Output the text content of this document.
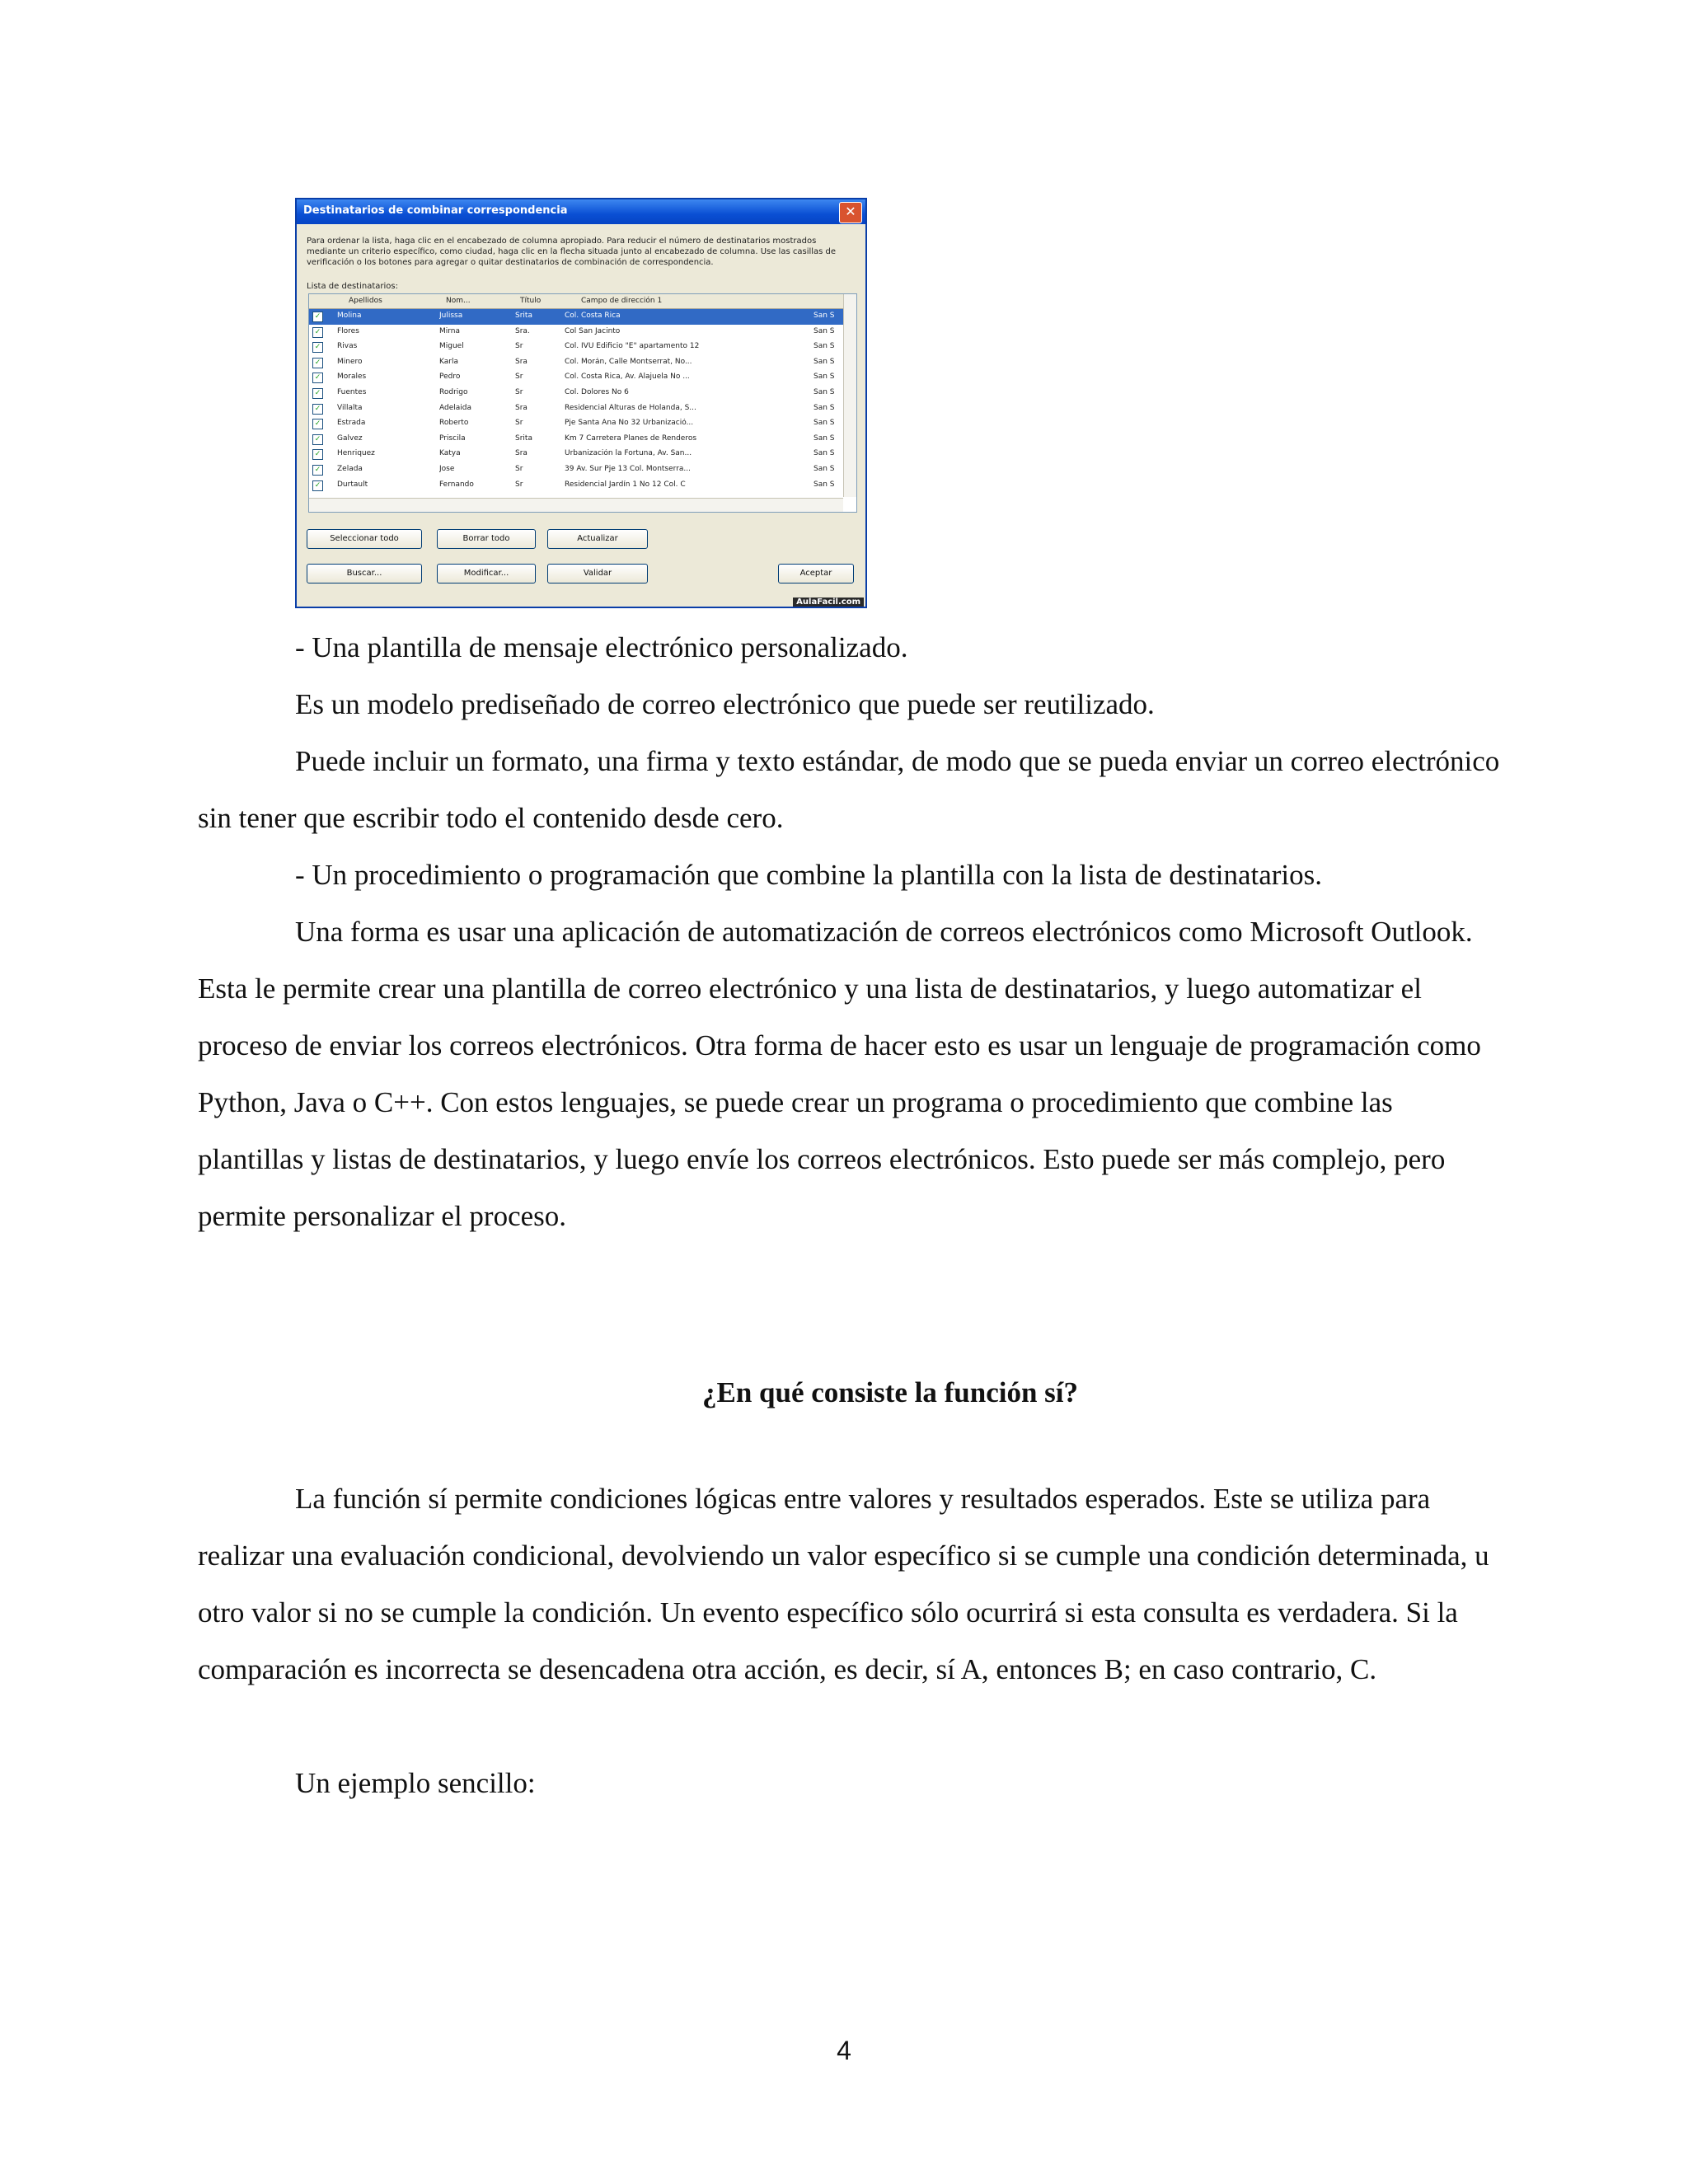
Destinatarios de combinar correspondencia	✕
Para ordenar la lista, haga clic en el encabezado de columna apropiado. Para reducir el número de destinatarios mostrados mediante un criterio específico, como ciudad, haga clic en la flecha situada junto al encabezado de columna. Use las casillas de verificación o los botones para agregar o quitar destinatarios de combinación de correspondencia.
Lista de destinatarios:
Apellidos	Nom...	Título	Campo de dirección 1
✓	Molina	Julissa	Srita	Col. Costa Rica	San S
✓	Flores	Mirna	Sra.	Col San Jacinto	San S
✓	Rivas	Miguel	Sr	Col. IVU Edificio "E" apartamento 12	San S
✓	Minero	Karla	Sra	Col. Morán, Calle Montserrat, No...	San S
✓	Morales	Pedro	Sr	Col. Costa Rica, Av. Alajuela No ...	San S
✓	Fuentes	Rodrigo	Sr	Col. Dolores No 6	San S
✓	Villalta	Adelaida	Sra	Residencial Alturas de Holanda, S...	San S
✓	Estrada	Roberto	Sr	Pje Santa Ana No 32 Urbanizació...	San S
✓	Galvez	Priscila	Srita	Km 7 Carretera Planes de Renderos	San S
✓	Henriquez	Katya	Sra	Urbanización la Fortuna, Av. San...	San S
✓	Zelada	Jose	Sr	39 Av. Sur Pje 13 Col. Montserra...	San S
✓	Durtault	Fernando	Sr	Residencial Jardín 1 No 12 Col. C	San S
Seleccionar todo	Borrar todo	Actualizar
Buscar...	Modificar...	Validar	Aceptar
AulaFacil.com

- Una plantilla de mensaje electrónico personalizado.

Es un modelo prediseñado de correo electrónico que puede ser reutilizado.

Puede incluir un formato, una firma y texto estándar, de modo que se pueda enviar un correo electrónico sin tener que escribir todo el contenido desde cero.

- Un procedimiento o programación que combine la plantilla con la lista de destinatarios.

Una forma es usar una aplicación de automatización de correos electrónicos como Microsoft Outlook. Esta le permite crear una plantilla de correo electrónico y una lista de destinatarios, y luego automatizar el proceso de enviar los correos electrónicos. Otra forma de hacer esto es usar un lenguaje de programación como Python, Java o C++. Con estos lenguajes, se puede crear un programa o procedimiento que combine las plantillas y listas de destinatarios, y luego envíe los correos electrónicos. Esto puede ser más complejo, pero permite personalizar el proceso.

¿En qué consiste la función sí?

La función sí permite condiciones lógicas entre valores y resultados esperados. Este se utiliza para realizar una evaluación condicional, devolviendo un valor específico si se cumple una condición determinada, u otro valor si no se cumple la condición. Un evento específico sólo ocurrirá si esta consulta es verdadera. Si la comparación es incorrecta se desencadena otra acción, es decir, sí A, entonces B; en caso contrario, C.

Un ejemplo sencillo:

4
